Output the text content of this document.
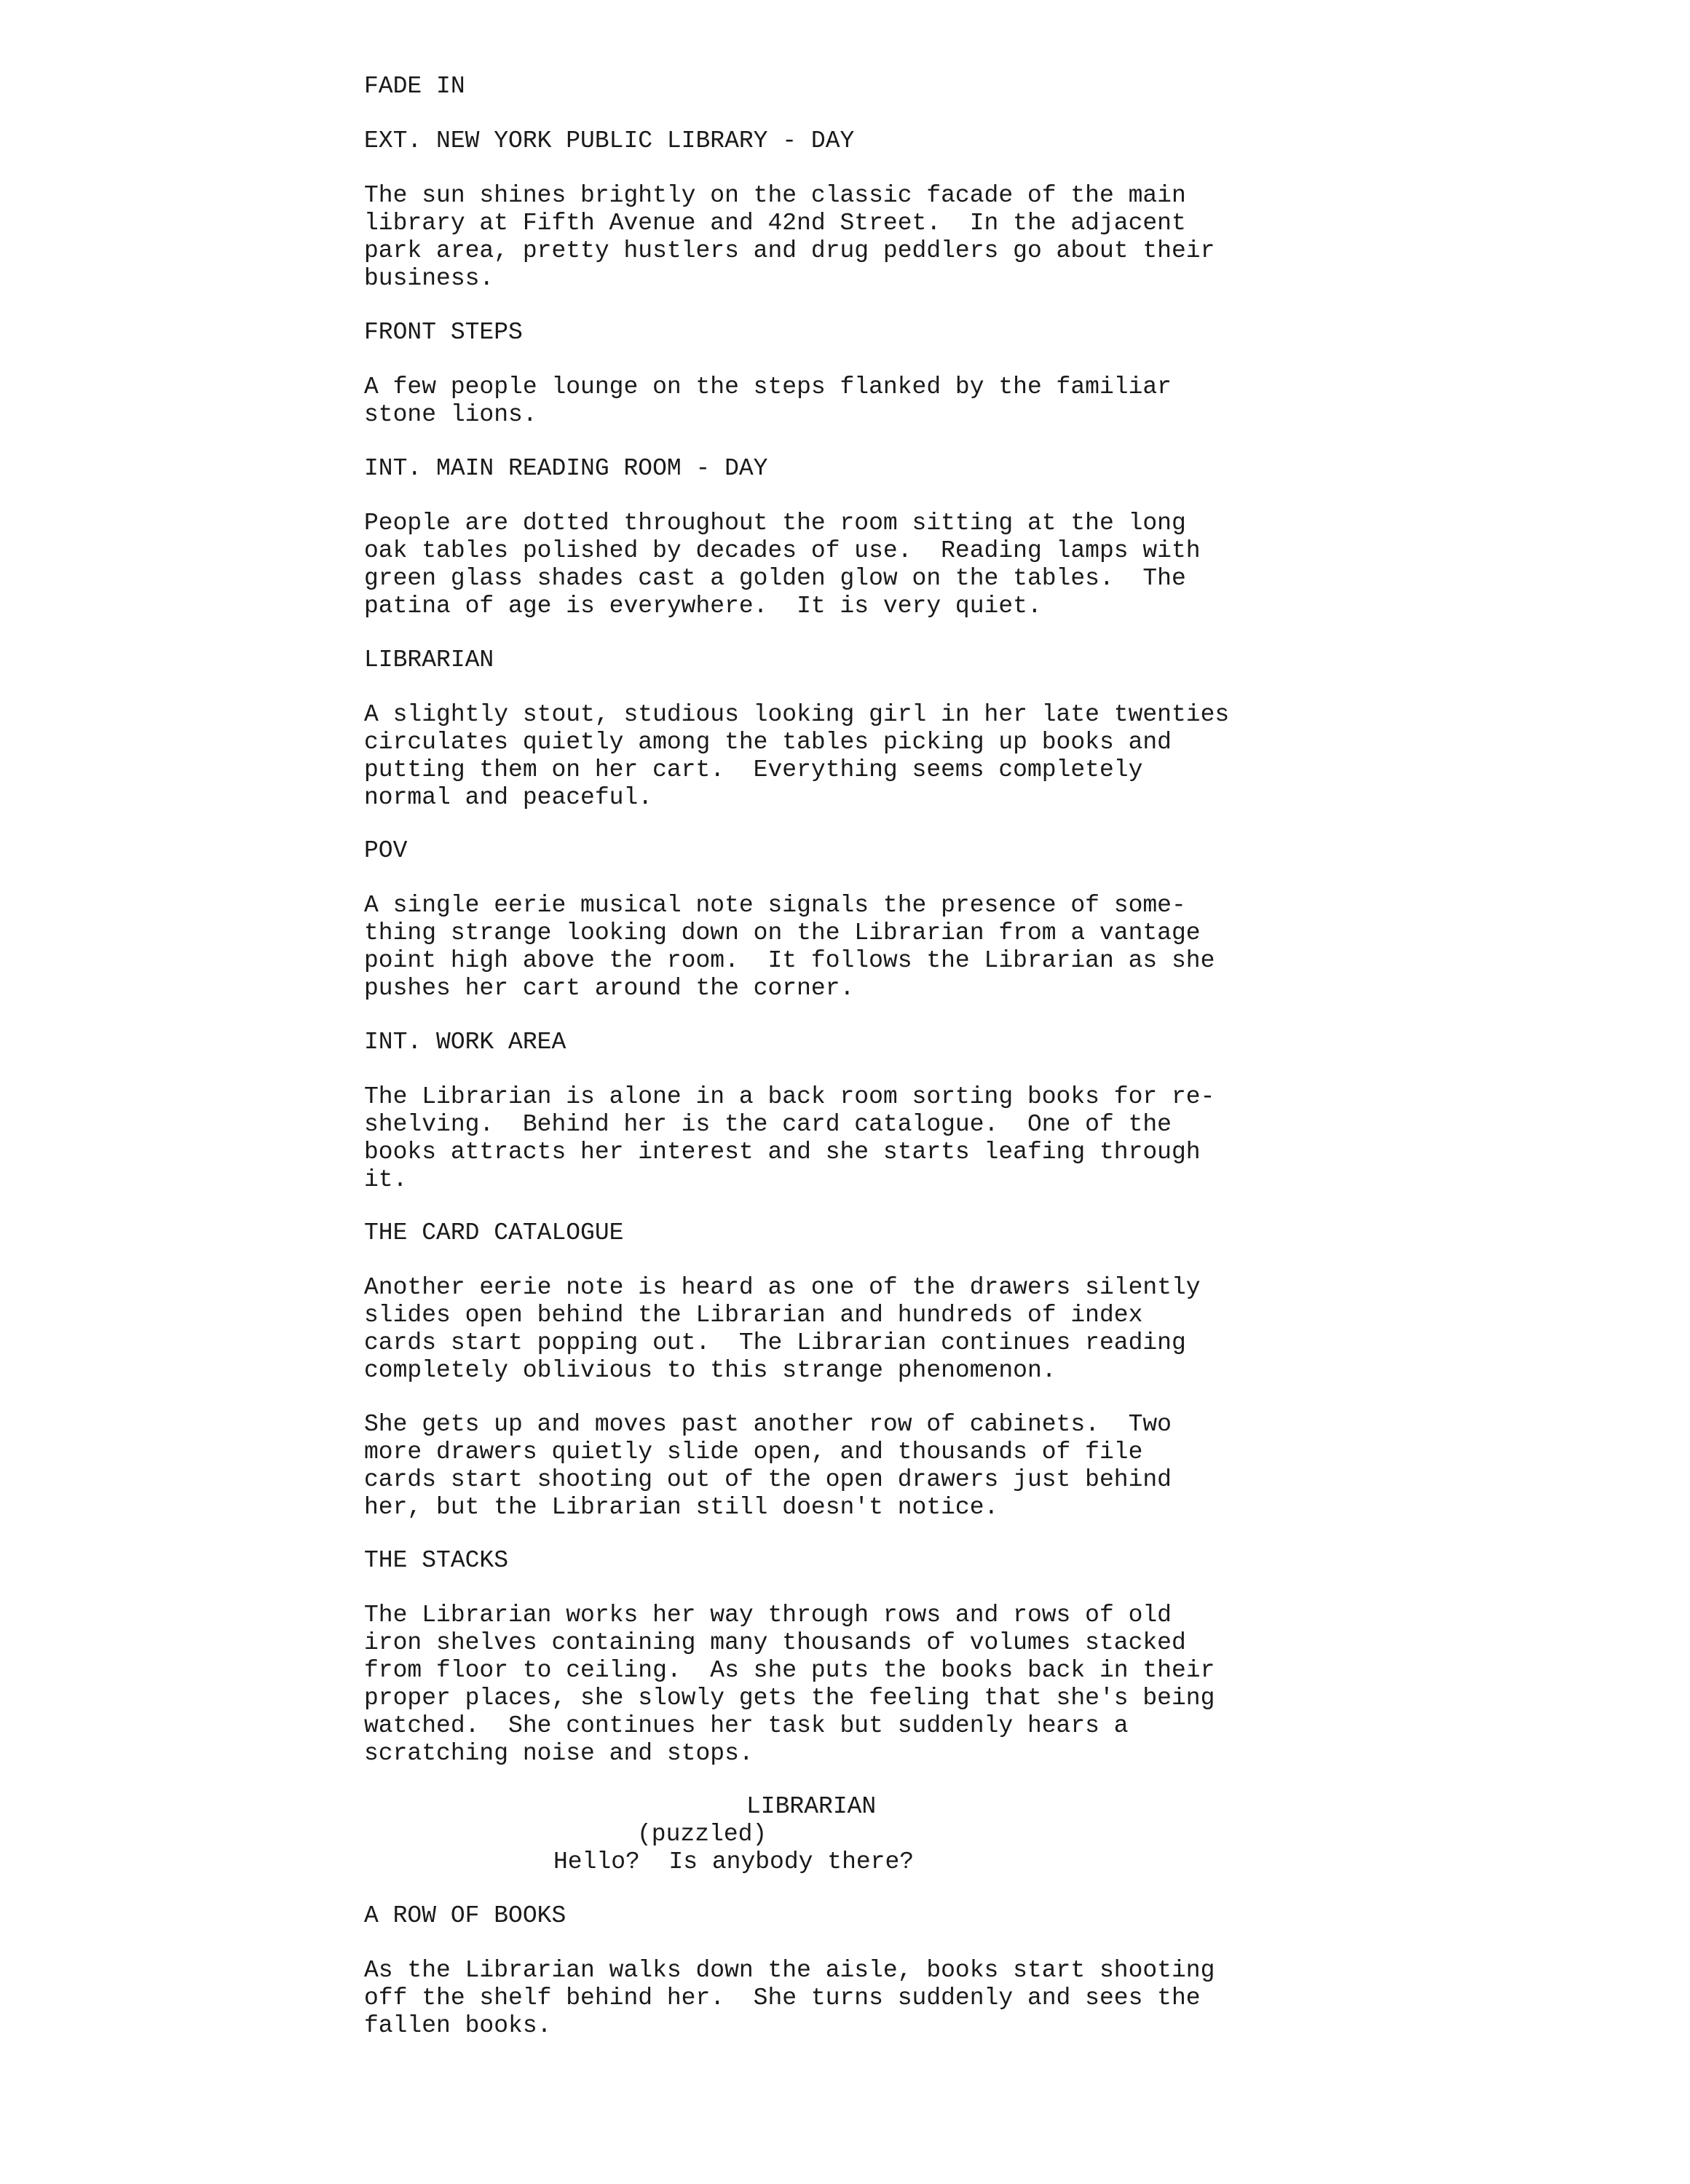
FADE IN

EXT. NEW YORK PUBLIC LIBRARY - DAY

The sun shines brightly on the classic facade of the main
library at Fifth Avenue and 42nd Street.  In the adjacent
park area, pretty hustlers and drug peddlers go about their
business.

FRONT STEPS

A few people lounge on the steps flanked by the familiar
stone lions.

INT. MAIN READING ROOM - DAY

People are dotted throughout the room sitting at the long
oak tables polished by decades of use.  Reading lamps with
green glass shades cast a golden glow on the tables.  The
patina of age is everywhere.  It is very quiet.

LIBRARIAN

A slightly stout, studious looking girl in her late twenties
circulates quietly among the tables picking up books and
putting them on her cart.  Everything seems completely
normal and peaceful.

POV

A single eerie musical note signals the presence of some-
thing strange looking down on the Librarian from a vantage
point high above the room.  It follows the Librarian as she
pushes her cart around the corner.

INT. WORK AREA

The Librarian is alone in a back room sorting books for re-
shelving.  Behind her is the card catalogue.  One of the
books attracts her interest and she starts leafing through
it.

THE CARD CATALOGUE

Another eerie note is heard as one of the drawers silently
slides open behind the Librarian and hundreds of index
cards start popping out.  The Librarian continues reading
completely oblivious to this strange phenomenon.

She gets up and moves past another row of cabinets.  Two
more drawers quietly slide open, and thousands of file
cards start shooting out of the open drawers just behind
her, but the Librarian still doesn't notice.

THE STACKS

The Librarian works her way through rows and rows of old
iron shelves containing many thousands of volumes stacked
from floor to ceiling.  As she puts the books back in their
proper places, she slowly gets the feeling that she's being
watched.  She continues her task but suddenly hears a
scratching noise and stops.

LIBRARIAN

(puzzled)

Hello?  Is anybody there?

A ROW OF BOOKS

As the Librarian walks down the aisle, books start shooting
off the shelf behind her.  She turns suddenly and sees the
fallen books.
